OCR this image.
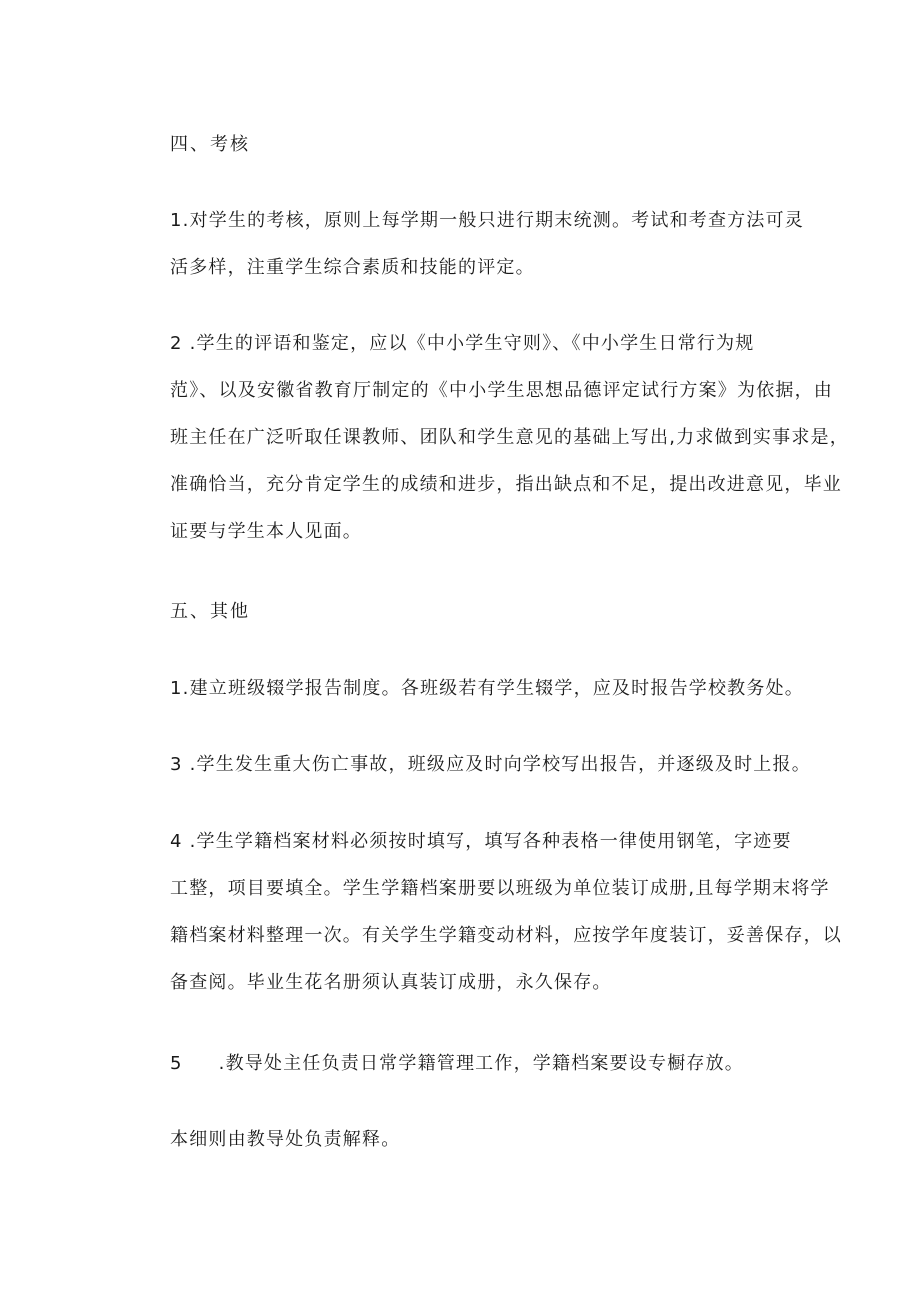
四、考核
1.对学生的考核，原则上每学期一般只进行期末统测。考试和考查方法可灵
活多样，注重学生综合素质和技能的评定。
2 .学生的评语和鉴定，应以《中小学生守则》、《中小学生日常行为规
范》、以及安徽省教育厅制定的《中小学生思想品德评定试行方案》为依据，由
班主任在广泛听取任课教师、团队和学生意见的基础上写出,力求做到实事求是，
准确恰当，充分肯定学生的成绩和进步，指出缺点和不足，提出改进意见，毕业
证要与学生本人见面。
五、其他
1.建立班级辍学报告制度。各班级若有学生辍学，应及时报告学校教务处。
3 .学生发生重大伤亡事故，班级应及时向学校写出报告，并逐级及时上报。
4 .学生学籍档案材料必须按时填写，填写各种表格一律使用钢笔，字迹要
工整，项目要填全。学生学籍档案册要以班级为单位装订成册,且每学期末将学
籍档案材料整理一次。有关学生学籍变动材料，应按学年度装订，妥善保存，以
备查阅。毕业生花名册须认真装订成册，永久保存。
5 .教导处主任负责日常学籍管理工作，学籍档案要设专橱存放。
本细则由教导处负责解释。
